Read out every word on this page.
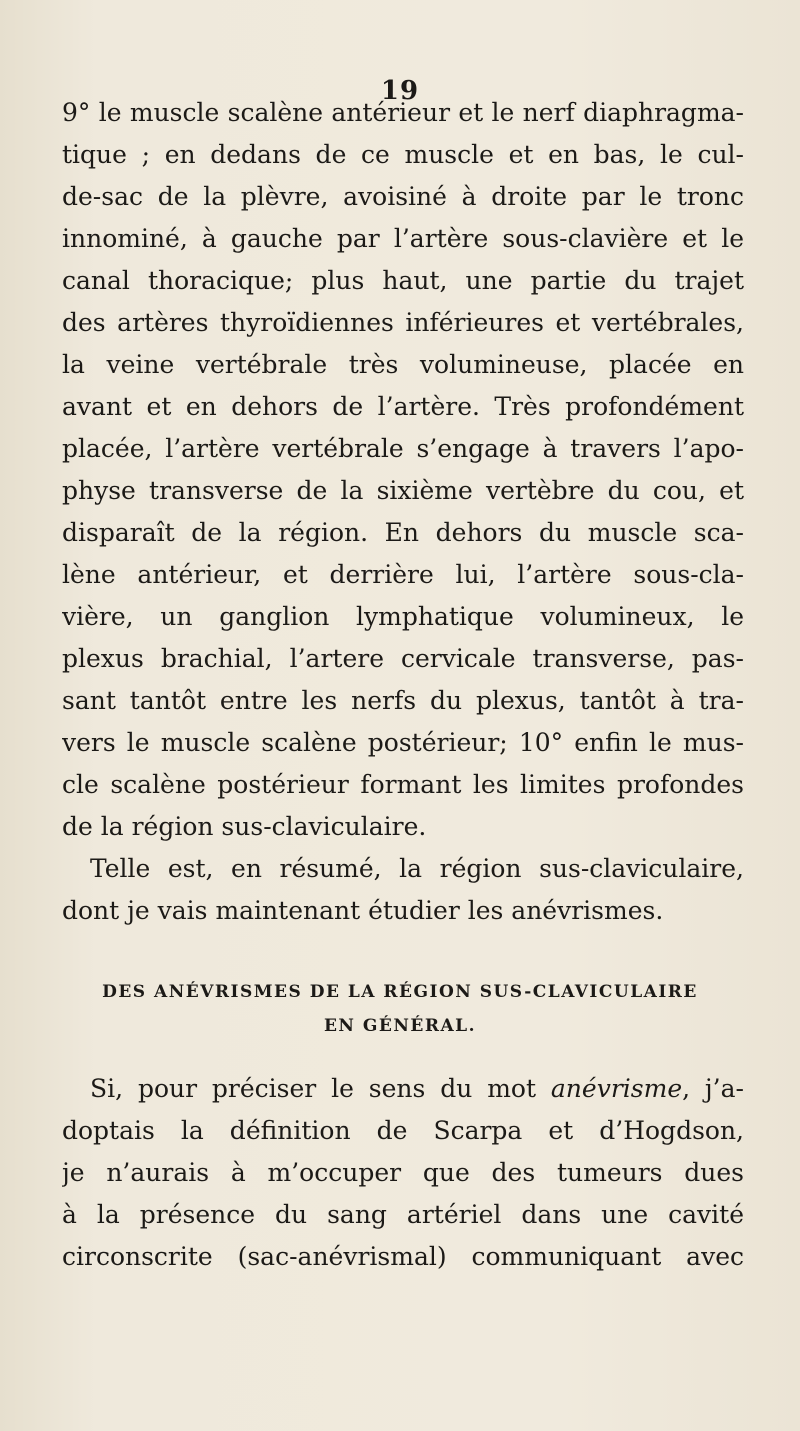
19
9° le muscle scalène antérieur et le nerf diaphragma-
tique ; en dedans de ce muscle et en bas, le cul-
de-sac de la plèvre, avoisiné à droite par le tronc
innominé, à gauche par l’artère sous-clavière et le
canal thoracique; plus haut, une partie du trajet
des artères thyroïdiennes inférieures et vertébrales,
la veine vertébrale très volumineuse, placée en
avant et en dehors de l’artère. Très profondément
placée, l’artère vertébrale s’engage à travers l’apo-
physe transverse de la sixième vertèbre du cou, et
disparaît de la région. En dehors du muscle sca-
lène antérieur, et derrière lui, l’artère sous-cla-
vière, un ganglion lymphatique volumineux, le
plexus brachial, l’artere cervicale transverse, pas-
sant tantôt entre les nerfs du plexus, tantôt à tra-
vers le muscle scalène postérieur; 10° enfin le mus-
cle scalène postérieur formant les limites profondes
de la région sus-claviculaire.
Telle est, en résumé, la région sus-claviculaire,
dont je vais maintenant étudier les anévrismes.
DES ANÉVRISMES DE LA RÉGION SUS-CLAVICULAIRE
EN GÉNÉRAL.
Si, pour préciser le sens du mot anévrisme, j’a-
doptais la définition de Scarpa et d’Hogdson,
je n’aurais à m’occuper que des tumeurs dues
à la présence du sang artériel dans une cavité
circonscrite (sac-anévrismal) communiquant avec
